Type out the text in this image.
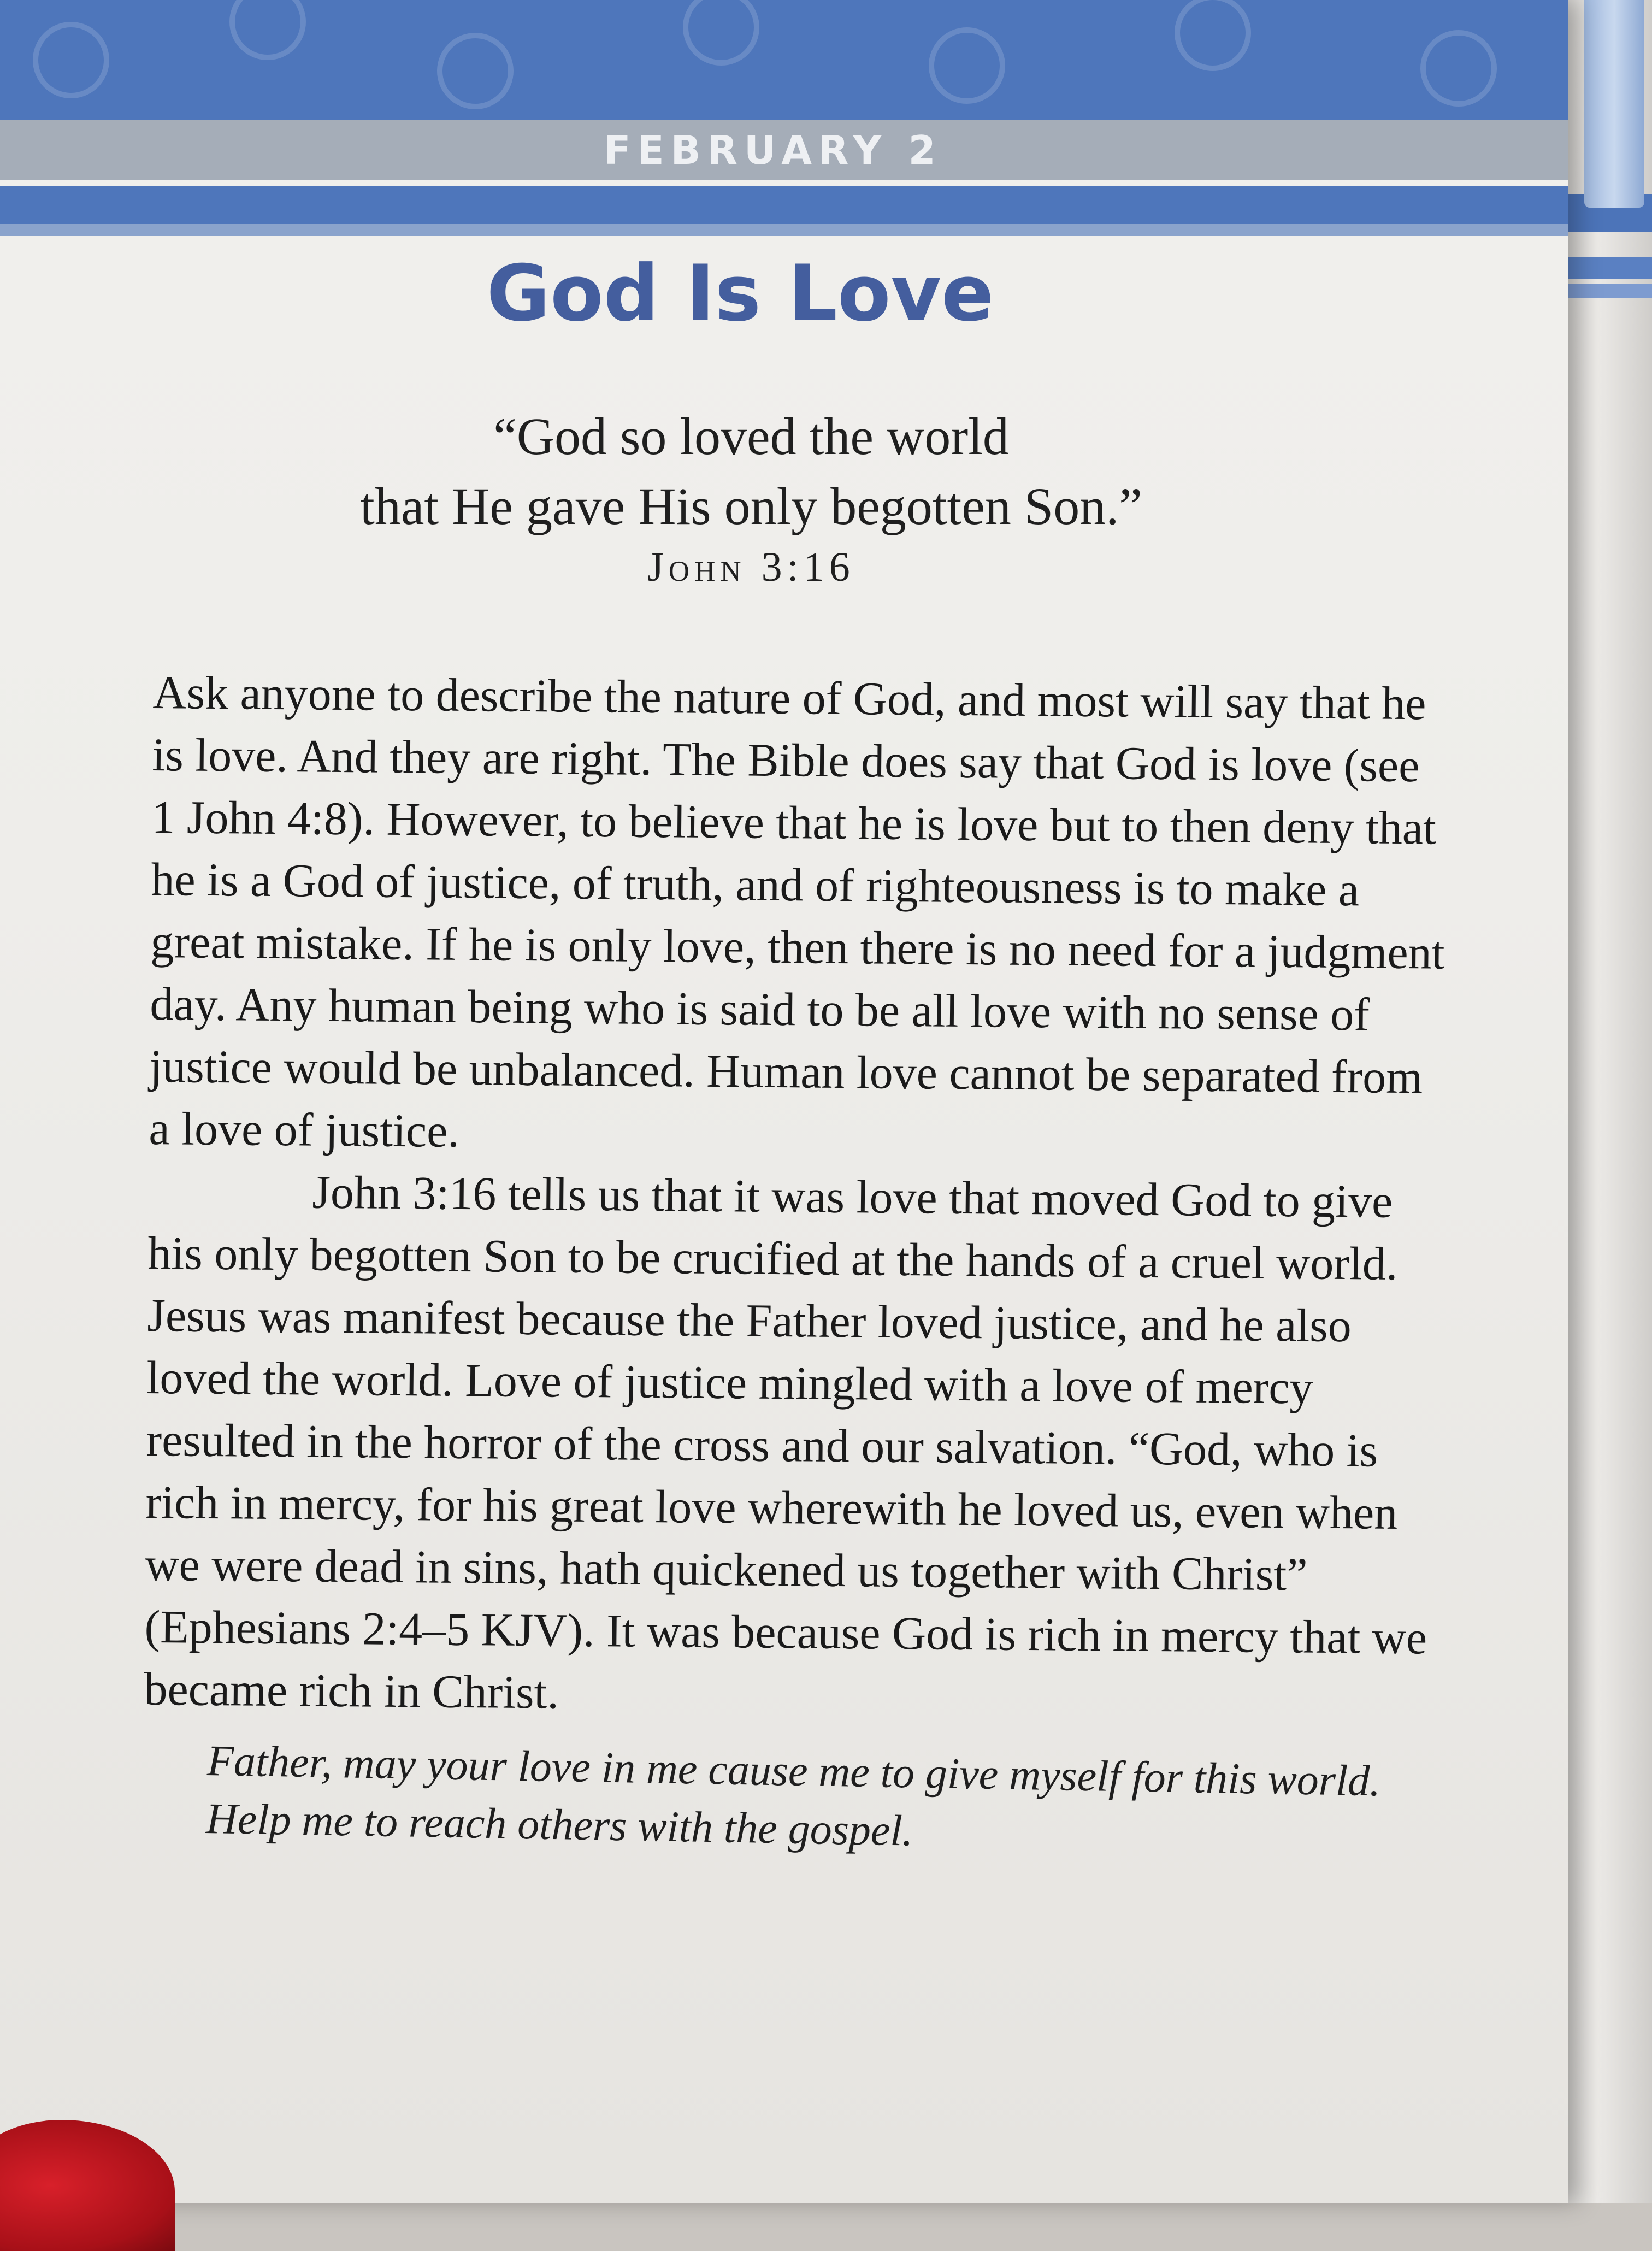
FEBRUARY 2
God Is Love
“God so loved the world
that He gave His only begotten Son.”
John 3:16

Ask anyone to describe the nature of God, and most will say that he is love. And they are right. The Bible does say that God is love (see 1 John 4:8). However, to believe that he is love but to then deny that he is a God of justice, of truth, and of righteousness is to make a great mistake. If he is only love, then there is no need for a judgment day. Any human being who is said to be all love with no sense of justice would be unbalanced. Human love cannot be separated from a love of justice.

John 3:16 tells us that it was love that moved God to give his only begotten Son to be crucified at the hands of a cruel world. Jesus was manifest because the Father loved justice, and he also loved the world. Love of justice mingled with a love of mercy resulted in the horror of the cross and our salvation. “God, who is rich in mercy, for his great love wherewith he loved us, even when we were dead in sins, hath quickened us together with Christ” (Ephesians 2:4–5 KJV). It was because God is rich in mercy that we became rich in Christ.

Father, may your love in me cause me to give myself for this world. Help me to reach others with the gospel.
